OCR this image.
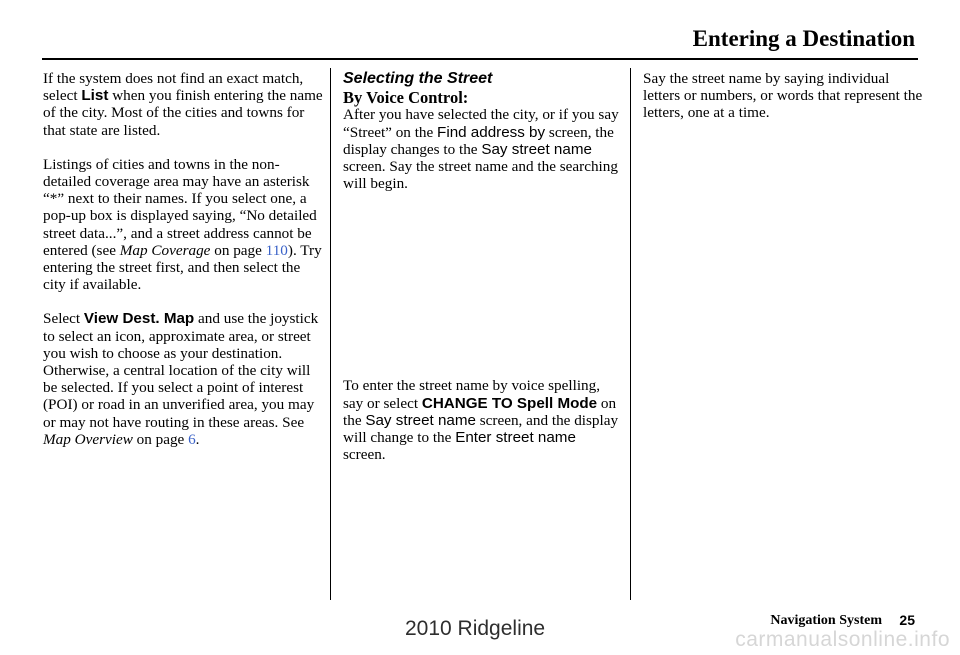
Entering a Destination

If the system does not find an exact match, select List when you finish entering the name of the city. Most of the cities and towns for that state are listed.

Listings of cities and towns in the non-detailed coverage area may have an asterisk “*” next to their names. If you select one, a pop-up box is displayed saying, “No detailed street data...”, and a street address cannot be entered (see Map Coverage on page 110). Try entering the street first, and then select the city if available.

Select View Dest. Map and use the joystick to select an icon, approximate area, or street you wish to choose as your destination. Otherwise, a central location of the city will be selected. If you select a point of interest (POI) or road in an unverified area, you may or may not have routing in these areas. See Map Overview on page 6.

Selecting the Street
By Voice Control:

After you have selected the city, or if you say “Street” on the Find address by screen, the display changes to the Say street name screen. Say the street name and the searching will begin.

To enter the street name by voice spelling, say or select CHANGE TO Spell Mode on the Say street name screen, and the display will change to the Enter street name screen.

Say the street name by saying individual letters or numbers, or words that represent the letters, one at a time.

Navigation System 25
2010 Ridgeline	carmanualsonline.info
